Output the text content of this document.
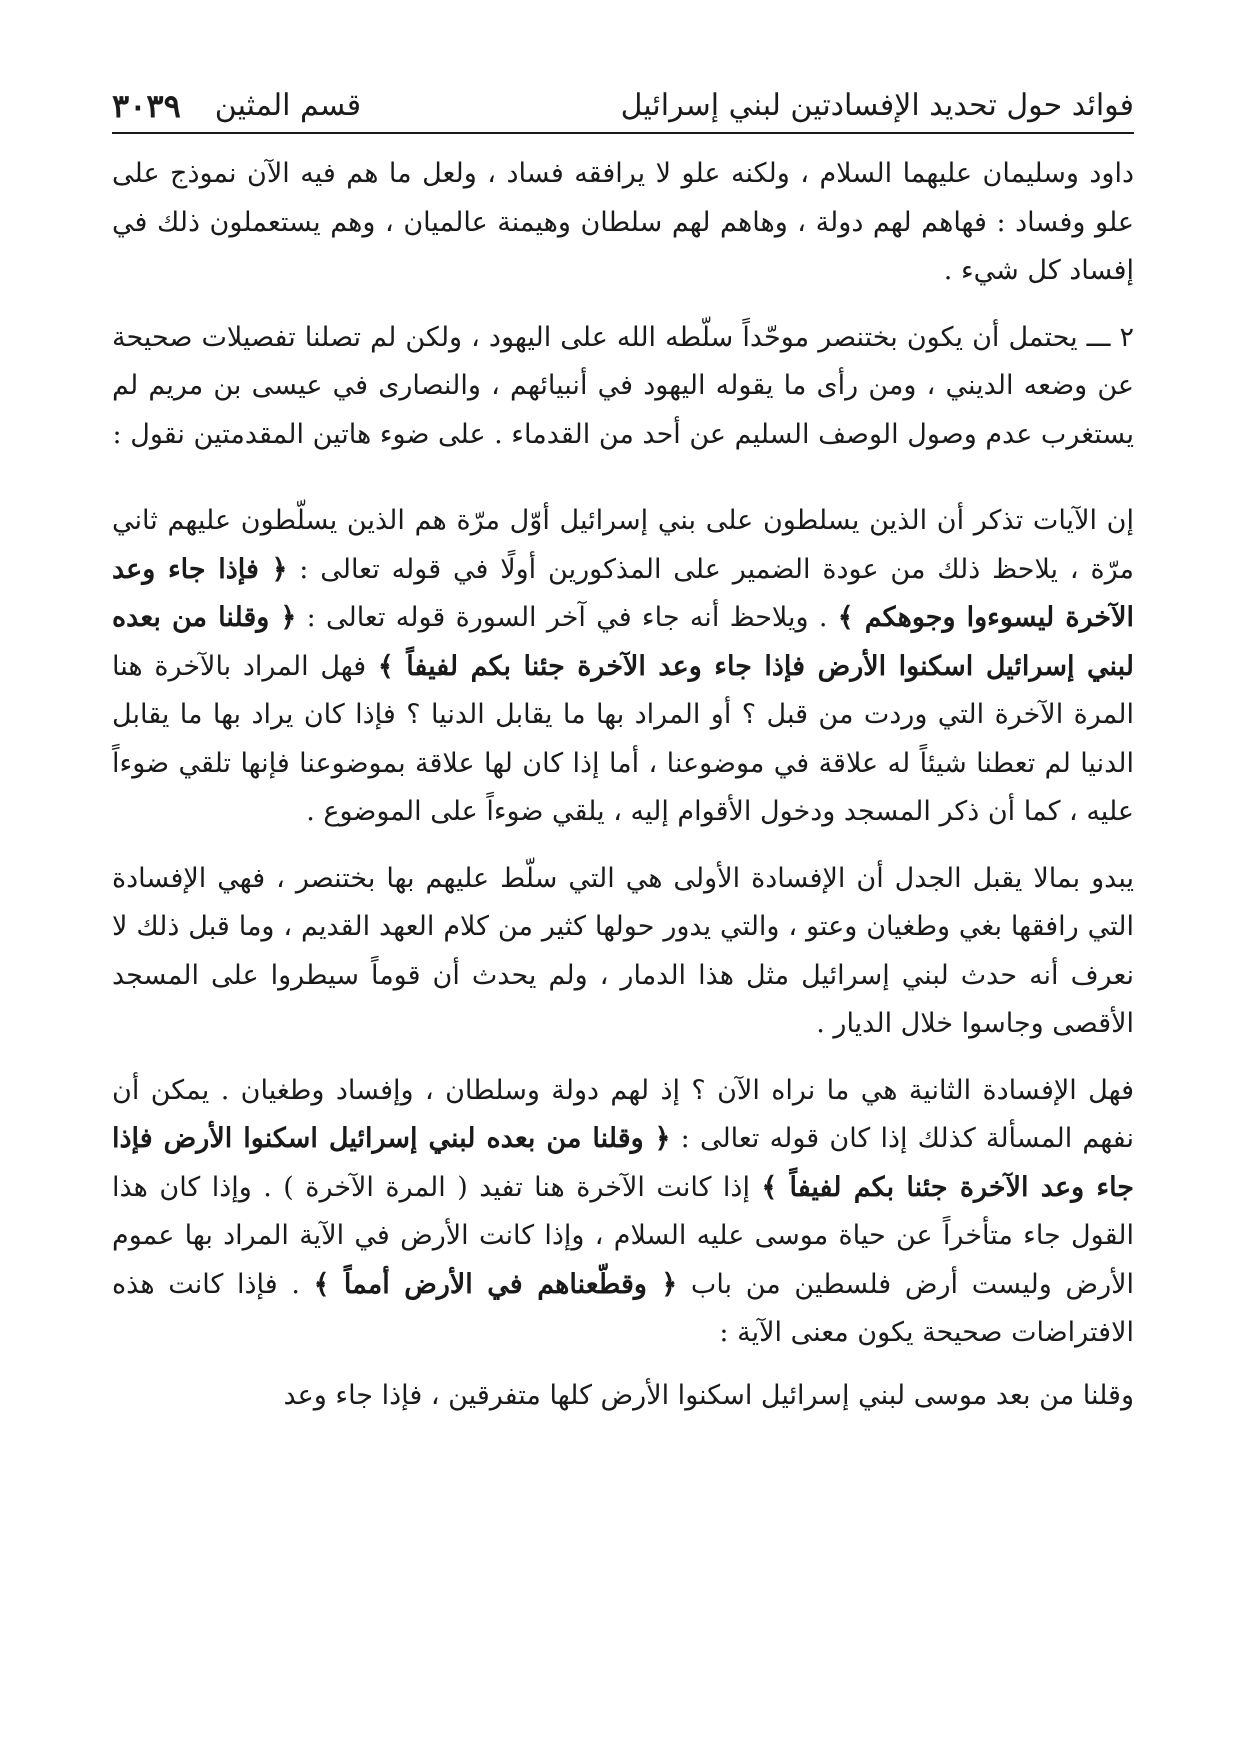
فوائد حول تحديد الإفسادتين لبني إسرائيل
قسم المثين
٣٠٣٩

داود وسليمان عليهما السلام ، ولكنه علو لا يرافقه فساد ، ولعل ما هم فيه الآن نموذج على علو وفساد : فهاهم لهم دولة ، وهاهم لهم سلطان وهيمنة عالميان ، وهم يستعملون ذلك في إفساد كل شيء .

٢ ـــ يحتمل أن يكون بختنصر موحّداً سلّطه الله على اليهود ، ولكن لم تصلنا تفصيلات صحيحة عن وضعه الديني ، ومن رأى ما يقوله اليهود في أنبيائهم ، والنصارى في عيسى بن مريم لم يستغرب عدم وصول الوصف السليم عن أحد من القدماء . على ضوء هاتين المقدمتين نقول :

إن الآيات تذكر أن الذين يسلطون على بني إسرائيل أوّل مرّة هم الذين يسلّطون عليهم ثاني مرّة ، يلاحظ ذلك من عودة الضمير على المذكورين أولًا في قوله تعالى : ﴿ فإذا جاء وعد الآخرة ليسوءوا وجوهكم ﴾ . ويلاحظ أنه جاء في آخر السورة قوله تعالى : ﴿ وقلنا من بعده لبني إسرائيل اسكنوا الأرض فإذا جاء وعد الآخرة جئنا بكم لفيفاً ﴾ فهل المراد بالآخرة هنا المرة الآخرة التي وردت من قبل ؟ أو المراد بها ما يقابل الدنيا ؟ فإذا كان يراد بها ما يقابل الدنيا لم تعطنا شيئاً له علاقة في موضوعنا ، أما إذا كان لها علاقة بموضوعنا فإنها تلقي ضوءاً عليه ، كما أن ذكر المسجد ودخول الأقوام إليه ، يلقي ضوءاً على الموضوع .

يبدو بمالا يقبل الجدل أن الإفسادة الأولى هي التي سلّط عليهم بها بختنصر ، فهي الإفسادة التي رافقها بغي وطغيان وعتو ، والتي يدور حولها كثير من كلام العهد القديم ، وما قبل ذلك لا نعرف أنه حدث لبني إسرائيل مثل هذا الدمار ، ولم يحدث أن قوماً سيطروا على المسجد الأقصى وجاسوا خلال الديار .

فهل الإفسادة الثانية هي ما نراه الآن ؟ إذ لهم دولة وسلطان ، وإفساد وطغيان . يمكن أن نفهم المسألة كذلك إذا كان قوله تعالى : ﴿ وقلنا من بعده لبني إسرائيل اسكنوا الأرض فإذا جاء وعد الآخرة جئنا بكم لفيفاً ﴾ إذا كانت الآخرة هنا تفيد ( المرة الآخرة ) . وإذا كان هذا القول جاء متأخراً عن حياة موسى عليه السلام ، وإذا كانت الأرض في الآية المراد بها عموم الأرض وليست أرض فلسطين من باب ﴿ وقطّعناهم في الأرض أمماً ﴾ . فإذا كانت هذه الافتراضات صحيحة يكون معنى الآية :

وقلنا من بعد موسى لبني إسرائيل اسكنوا الأرض كلها متفرقين ، فإذا جاء وعد
